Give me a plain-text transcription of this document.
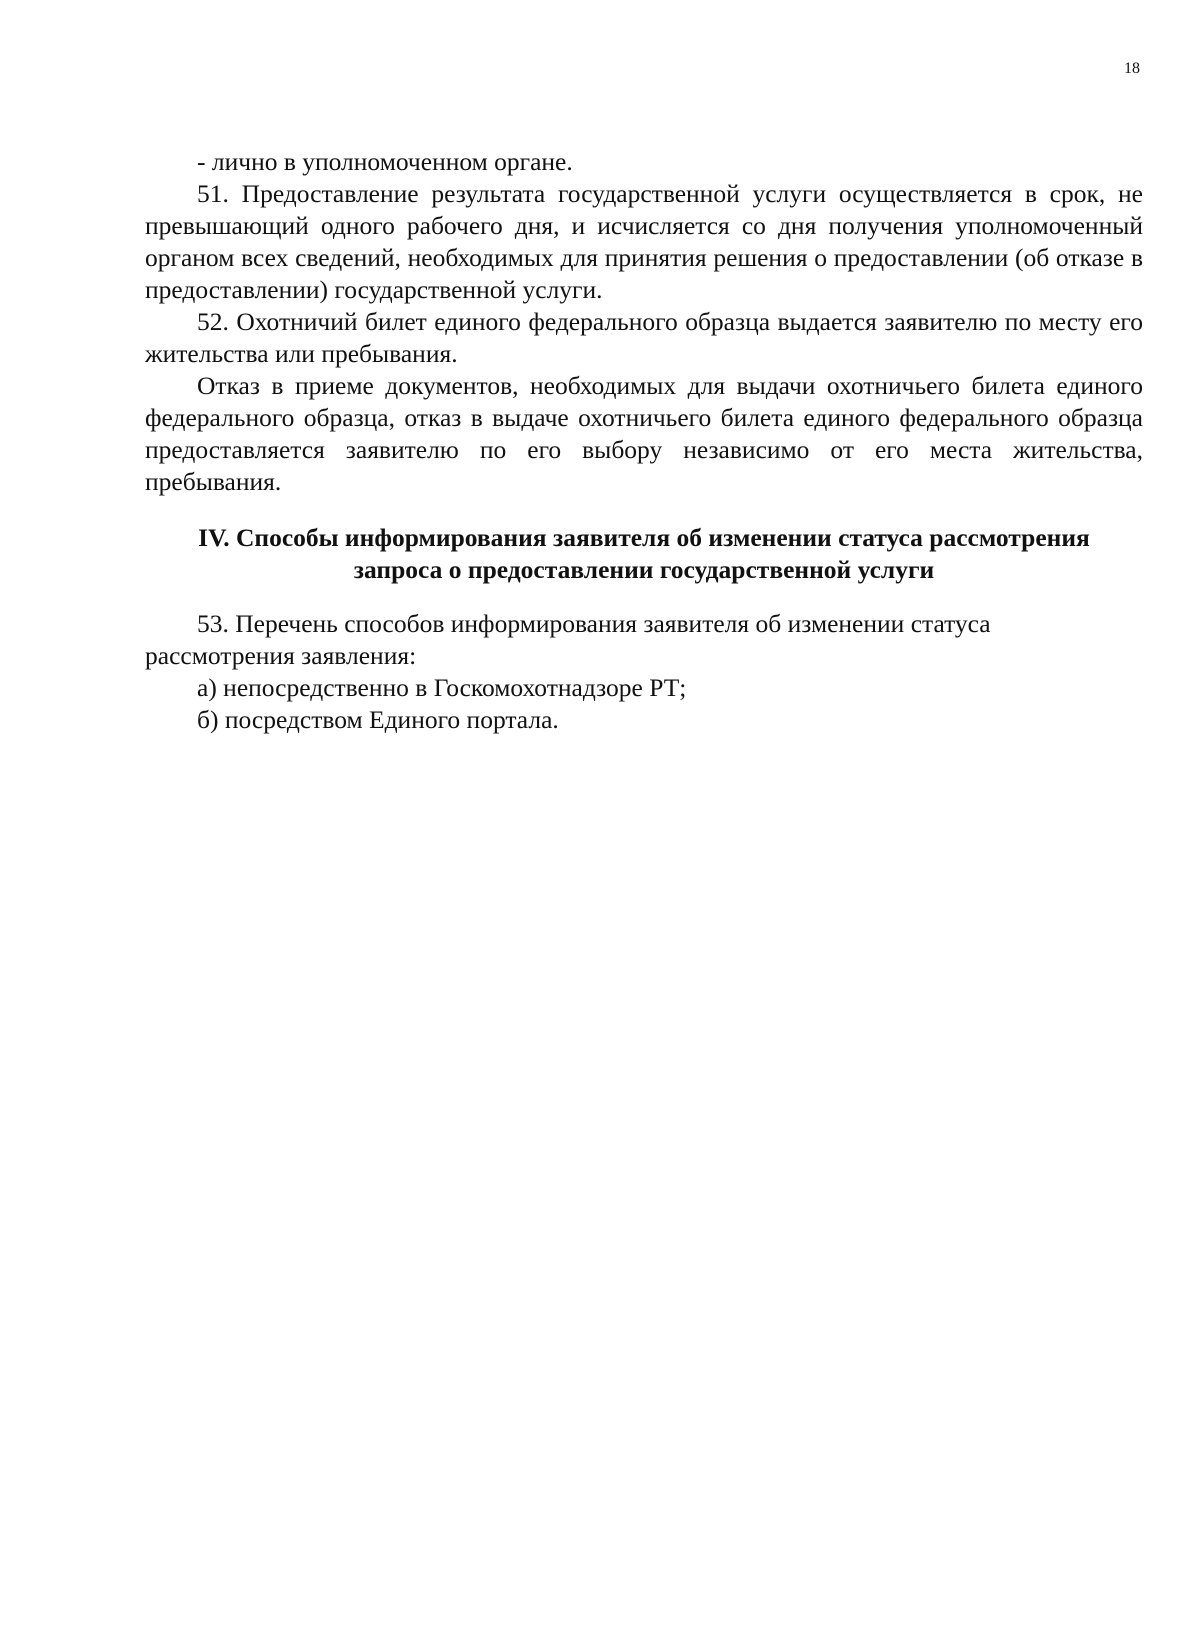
18

- лично в уполномоченном органе.

51. Предоставление результата государственной услуги осуществляется в срок, не превышающий одного рабочего дня, и исчисляется со дня получения уполномоченный органом всех сведений, необходимых для принятия решения о предоставлении (об отказе в предоставлении) государственной услуги.

52. Охотничий билет единого федерального образца выдается заявителю по месту его жительства или пребывания.

Отказ в приеме документов, необходимых для выдачи охотничьего билета единого федерального образца, отказ в выдаче охотничьего билета единого федерального образца предоставляется заявителю по его выбору независимо от его места жительства, пребывания.

IV. Способы информирования заявителя об изменении статуса рассмотрения
запроса о предоставлении государственной услуги

53. Перечень способов информирования заявителя об изменении статуса рассмотрения заявления:

а) непосредственно в Госкомохотнадзоре РТ;

б) посредством Единого портала.
